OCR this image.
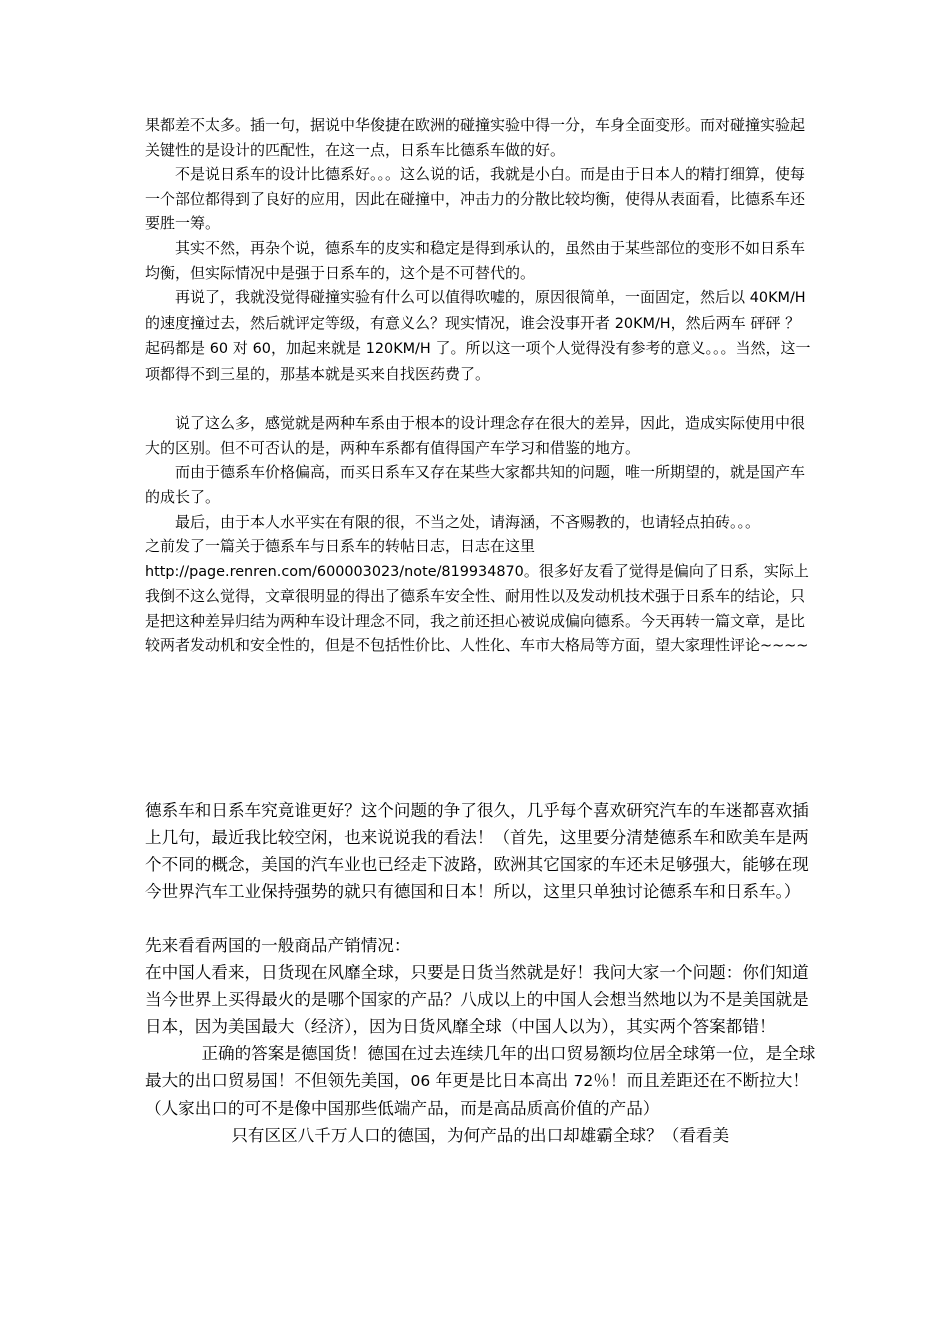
果都差不太多。插一句，据说中华俊捷在欧洲的碰撞实验中得一分，车身全面变形。而对碰撞实验起关键性的是设计的匹配性，在这一点，日系车比德系车做的好。

不是说日系车的设计比德系好。。。这么说的话，我就是小白。而是由于日本人的精打细算，使每一个部位都得到了良好的应用，因此在碰撞中，冲击力的分散比较均衡，使得从表面看，比德系车还要胜一筹。

其实不然，再杂个说，德系车的皮实和稳定是得到承认的，虽然由于某些部位的变形不如日系车均衡，但实际情况中是强于日系车的，这个是不可替代的。

再说了，我就没觉得碰撞实验有什么可以值得吹嘘的，原因很简单，一面固定，然后以 40KM/H 的速度撞过去，然后就评定等级，有意义么？现实情况，谁会没事开者 20KM/H，然后两车 砰砰 ？起码都是 60 对 60，加起来就是 120KM/H 了。所以这一项个人觉得没有参考的意义。。。当然，这一项都得不到三星的，那基本就是买来自找医药费了。

说了这么多，感觉就是两种车系由于根本的设计理念存在很大的差异，因此，造成实际使用中很大的区别。但不可否认的是，两种车系都有值得国产车学习和借鉴的地方。

而由于德系车价格偏高，而买日系车又存在某些大家都共知的问题，唯一所期望的，就是国产车的成长了。

最后，由于本人水平实在有限的很，不当之处，请海涵，不吝赐教的，也请轻点拍砖。。。

之前发了一篇关于德系车与日系车的转帖日志，日志在这里

http://page.renren.com/600003023/note/819934870。很多好友看了觉得是偏向了日系，实际上我倒不这么觉得，文章很明显的得出了德系车安全性、耐用性以及发动机技术强于日系车的结论，只是把这种差异归结为两种车设计理念不同，我之前还担心被说成偏向德系。今天再转一篇文章，是比较两者发动机和安全性的，但是不包括性价比、人性化、车市大格局等方面，望大家理性评论~~~~

德系车和日系车究竟谁更好？这个问题的争了很久，几乎每个喜欢研究汽车的车迷都喜欢插上几句，最近我比较空闲，也来说说我的看法！（首先，这里要分清楚德系车和欧美车是两个不同的概念，美国的汽车业也已经走下波路，欧洲其它国家的车还未足够强大，能够在现今世界汽车工业保持强势的就只有德国和日本！所以，这里只单独讨论德系车和日系车。）

先来看看两国的一般商品产销情况：

在中国人看来，日货现在风靡全球，只要是日货当然就是好！我问大家一个问题：你们知道当今世界上买得最火的是哪个国家的产品？八成以上的中国人会想当然地以为不是美国就是日本，因为美国最大（经济），因为日货风靡全球（中国人以为），其实两个答案都错！

正确的答案是德国货！德国在过去连续几年的出口贸易额均位居全球第一位，是全球最大的出口贸易国！不但领先美国，06 年更是比日本高出 72％！而且差距还在不断拉大！（人家出口的可不是像中国那些低端产品，而是高品质高价值的产品）

只有区区八千万人口的德国，为何产品的出口却雄霸全球？（看看美
